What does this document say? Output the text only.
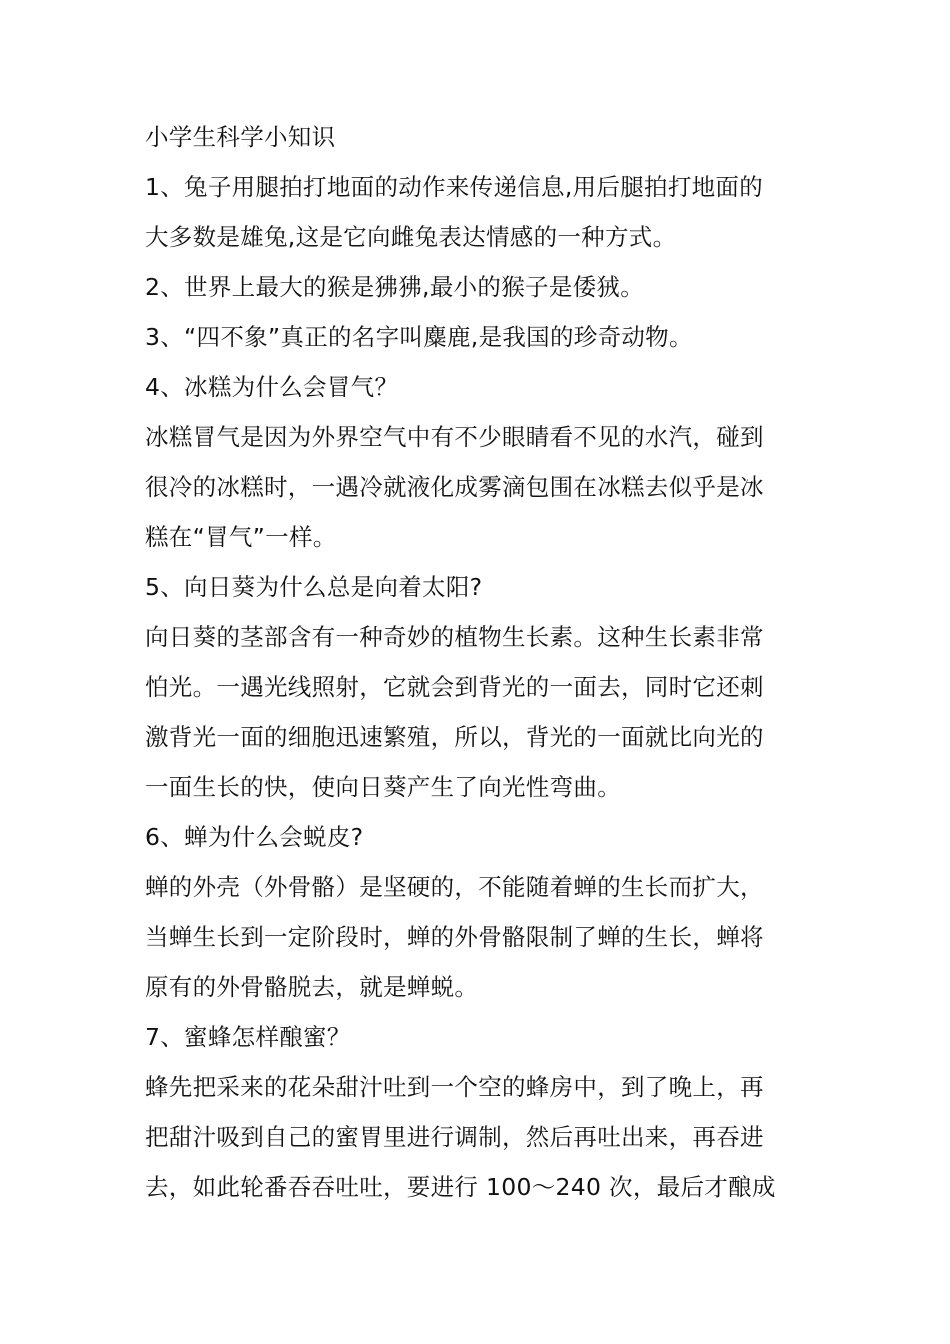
小学生科学小知识
1、兔子用腿拍打地面的动作来传递信息,用后腿拍打地面的
大多数是雄兔,这是它向雌兔表达情感的一种方式。
2、世界上最大的猴是狒狒,最小的猴子是倭狨。
3、“四不象”真正的名字叫麋鹿,是我国的珍奇动物。
4、冰糕为什么会冒气？
冰糕冒气是因为外界空气中有不少眼睛看不见的水汽，碰到
很冷的冰糕时，一遇冷就液化成雾滴包围在冰糕去似乎是冰
糕在“冒气”一样。
5、向日葵为什么总是向着太阳?
向日葵的茎部含有一种奇妙的植物生长素。这种生长素非常
怕光。一遇光线照射，它就会到背光的一面去，同时它还刺
激背光一面的细胞迅速繁殖，所以，背光的一面就比向光的
一面生长的快，使向日葵产生了向光性弯曲。
6、蝉为什么会蜕皮?
蝉的外壳（外骨骼）是坚硬的，不能随着蝉的生长而扩大，
当蝉生长到一定阶段时，蝉的外骨骼限制了蝉的生长，蝉将
原有的外骨骼脱去，就是蝉蜕。
7、蜜蜂怎样酿蜜？
蜂先把采来的花朵甜汁吐到一个空的蜂房中，到了晚上，再
把甜汁吸到自己的蜜胃里进行调制，然后再吐出来，再吞进
去，如此轮番吞吞吐吐，要进行 100～240 次，最后才酿成
